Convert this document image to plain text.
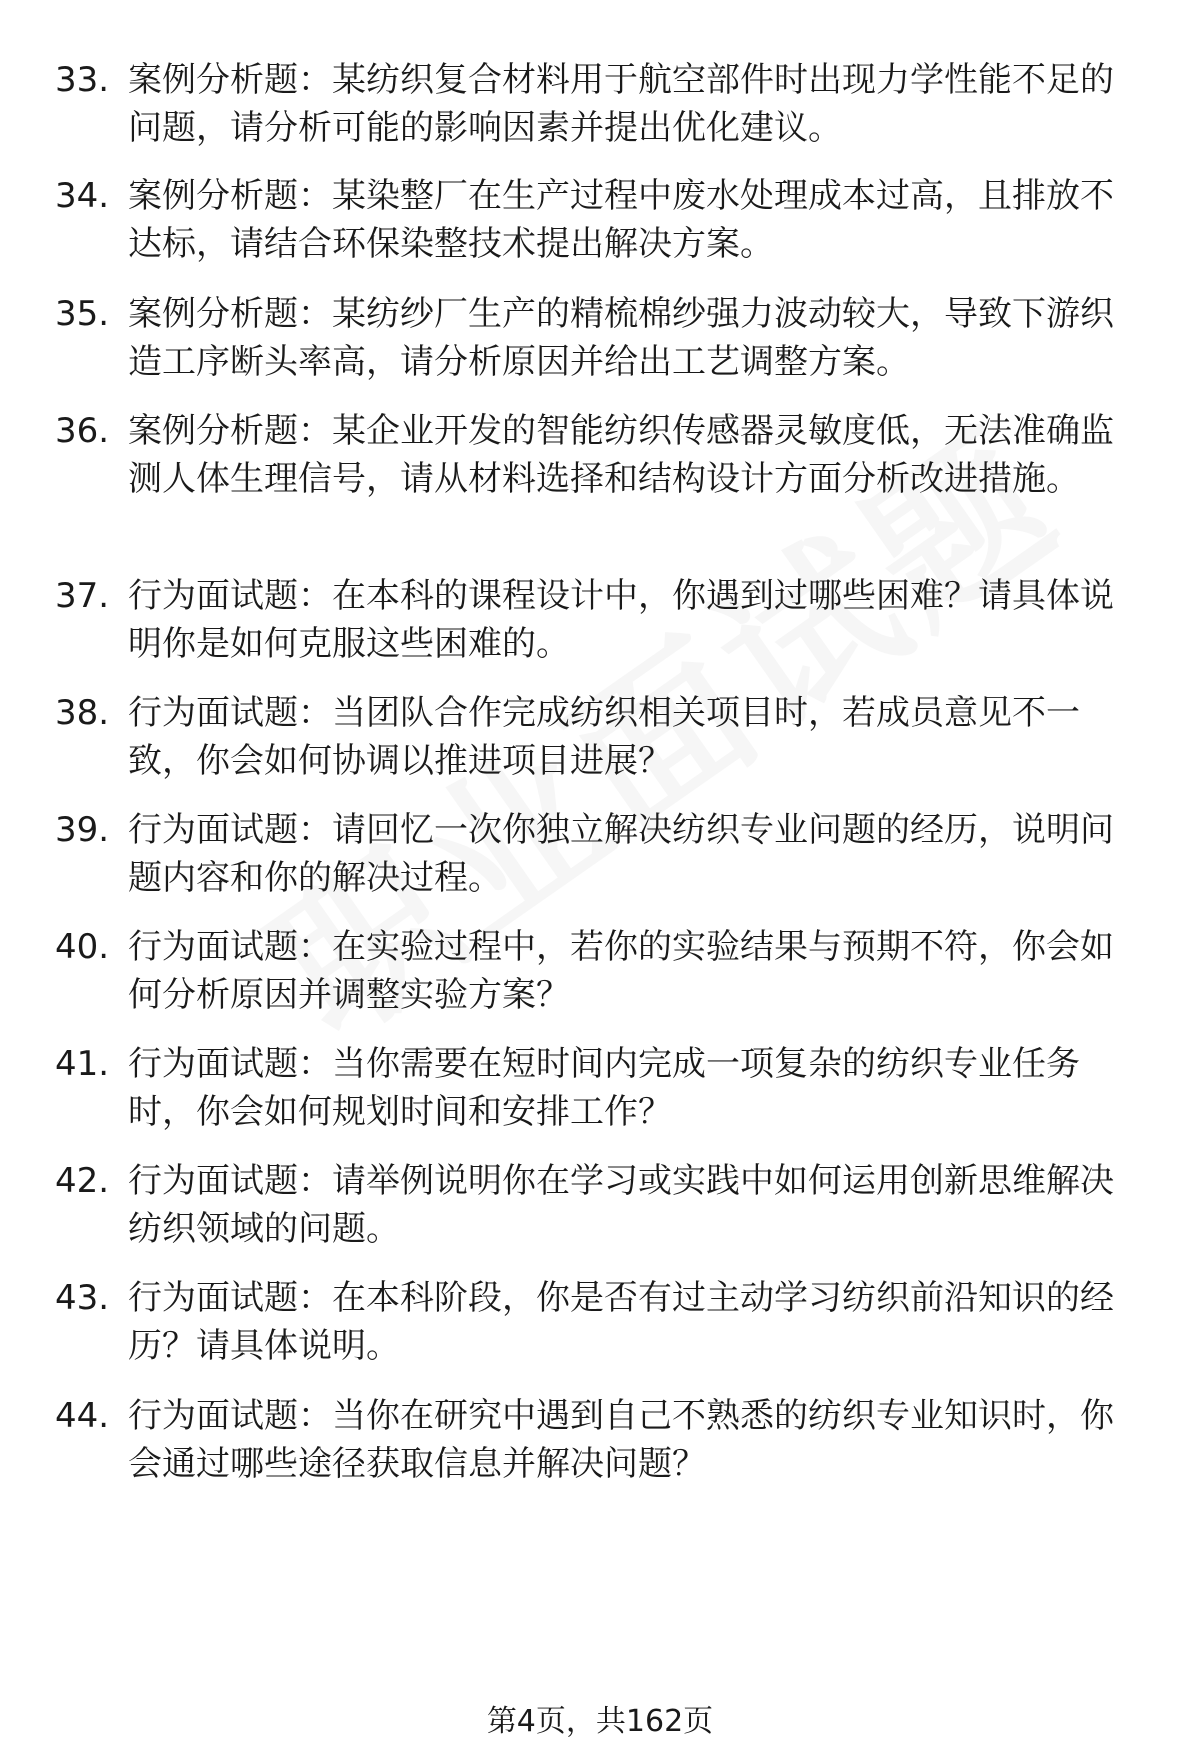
33. 案例分析题：某纺织复合材料用于航空部件时出现力学性能不足的问题，请分析可能的影响因素并提出优化建议。
34. 案例分析题：某染整厂在生产过程中废水处理成本过高，且排放不达标，请结合环保染整技术提出解决方案。
35. 案例分析题：某纺纱厂生产的精梳棉纱强力波动较大，导致下游织造工序断头率高，请分析原因并给出工艺调整方案。
36. 案例分析题：某企业开发的智能纺织传感器灵敏度低，无法准确监测人体生理信号，请从材料选择和结构设计方面分析改进措施。
37. 行为面试题：在本科的课程设计中，你遇到过哪些困难？请具体说明你是如何克服这些困难的。
38. 行为面试题：当团队合作完成纺织相关项目时，若成员意见不一致，你会如何协调以推进项目进展？
39. 行为面试题：请回忆一次你独立解决纺织专业问题的经历，说明问题内容和你的解决过程。
40. 行为面试题：在实验过程中，若你的实验结果与预期不符，你会如何分析原因并调整实验方案？
41. 行为面试题：当你需要在短时间内完成一项复杂的纺织专业任务时，你会如何规划时间和安排工作？
42. 行为面试题：请举例说明你在学习或实践中如何运用创新思维解决纺织领域的问题。
43. 行为面试题：在本科阶段，你是否有过主动学习纺织前沿知识的经历？请具体说明。
44. 行为面试题：当你在研究中遇到自己不熟悉的纺织专业知识时，你会通过哪些途径获取信息并解决问题？
第4页，共162页
